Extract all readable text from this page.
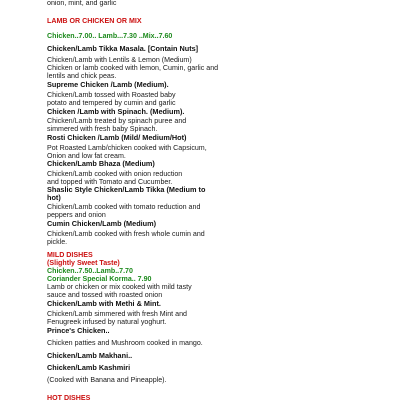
onion, mint, and garlic
LAMB OR CHICKEN OR MIX
Chicken..7.00.. Lamb...7.30 ..Mix..7.60
Chicken/Lamb Tikka Masala. [Contain Nuts]
Chicken/Lamb with Lentils & Lemon (Medium)
Chicken or lamb cooked with lemon, Cumin, garlic and
lentils and chick peas.
Supreme Chicken /Lamb (Medium).
Chicken/Lamb tossed with Roasted baby
potato and tempered by cumin and garlic
Chicken /Lamb with Spinach. (Medium).
Chicken/Lamb treated by spinach puree and
simmered with fresh baby Spinach.
Rosti Chicken /Lamb (Mild/ Medium/Hot)
Pot Roasted Lamb/chicken cooked with Capsicum,
Onion and low fat cream.
Chicken/Lamb Bhaza (Medium)
Chicken/Lamb cooked with onion reduction
and topped with Tomato and Cucumber.
Shaslic Style Chicken/Lamb Tikka (Medium to
hot)
Chicken/Lamb cooked with tomato reduction and
peppers and onion
Cumin Chicken/Lamb (Medium)
Chicken/Lamb cooked with fresh whole cumin and
pickle.
MILD DISHES
(Slightly Sweet Taste)
Chicken..7.50..Lamb..7.70
Coriander Special Korma.. 7.90
Lamb or chicken or mix cooked with mild tasty
sauce and tossed with roasted onion
Chicken/Lamb with Methi & Mint.
Chicken/Lamb simmered with fresh Mint and
Fenugreek infused by natural yoghurt.
Prince's Chicken..
Chicken patties and Mushroom cooked in mango.
Chicken/Lamb Makhani..
Chicken/Lamb Kashmiri
(Cooked with Banana and Pineapple).
HOT DISHES
